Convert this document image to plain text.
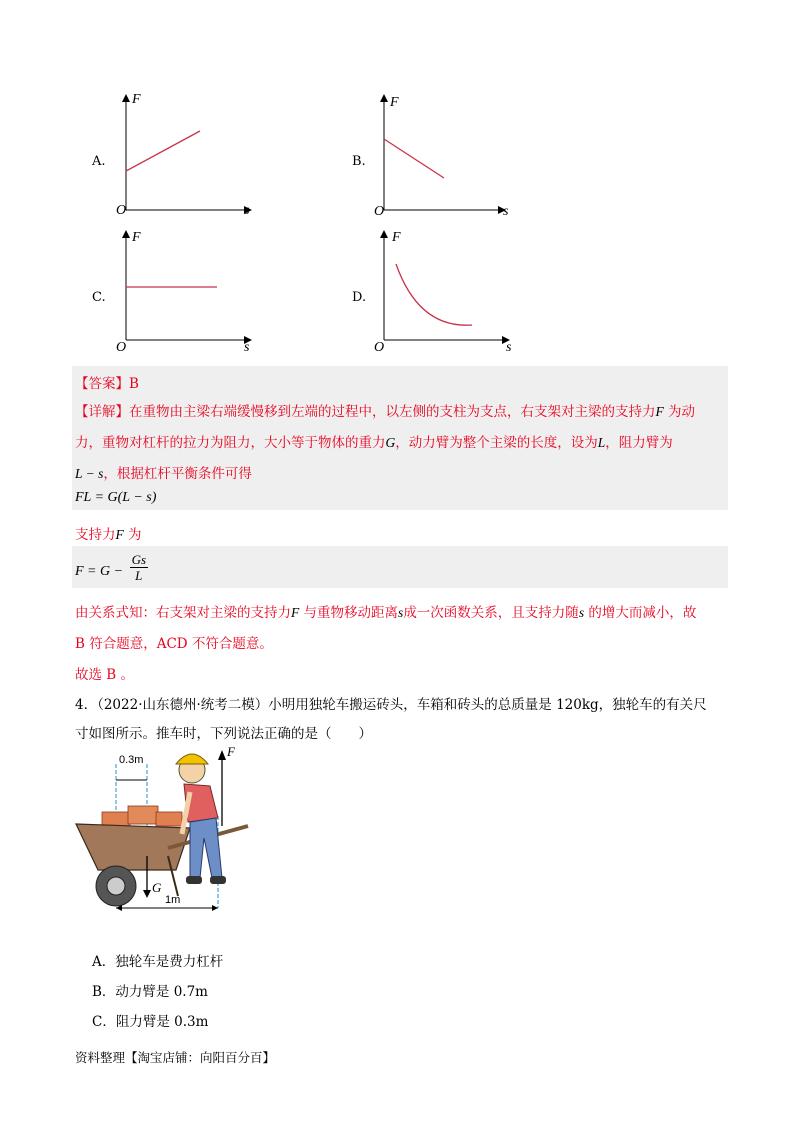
A.
F
s
O
B.
F
s
O
C.
F
s
O
D.
F
s
O
【答案】B
【详解】在重物由主梁右端缓慢移到左端的过程中，以左侧的支柱为支点，右支架对主梁的支持力F 为动
力，重物对杠杆的拉力为阻力，大小等于物体的重力G，动力臂为整个主梁的长度，设为L，阻力臂为
L − s，根据杠杆平衡条件可得
FL = G(L − s)
支持力F 为
$F = G - \frac{Gs}{L}$
由关系式知：右支架对主梁的支持力F 与重物移动距离s成一次函数关系，且支持力随s 的增大而减小，故
B 符合题意，ACD 不符合题意。
故选 B 。
4．（2022·山东德州·统考二模）小明用独轮车搬运砖头，车箱和砖头的总质量是 120kg，独轮车的有关尺
寸如图所示。推车时，下列说法正确的是（　　）
0.3m
1m
G
F
A．独轮车是费力杠杆
B．动力臂是 0.7m
C．阻力臂是 0.3m
资料整理【淘宝店铺：向阳百分百】
